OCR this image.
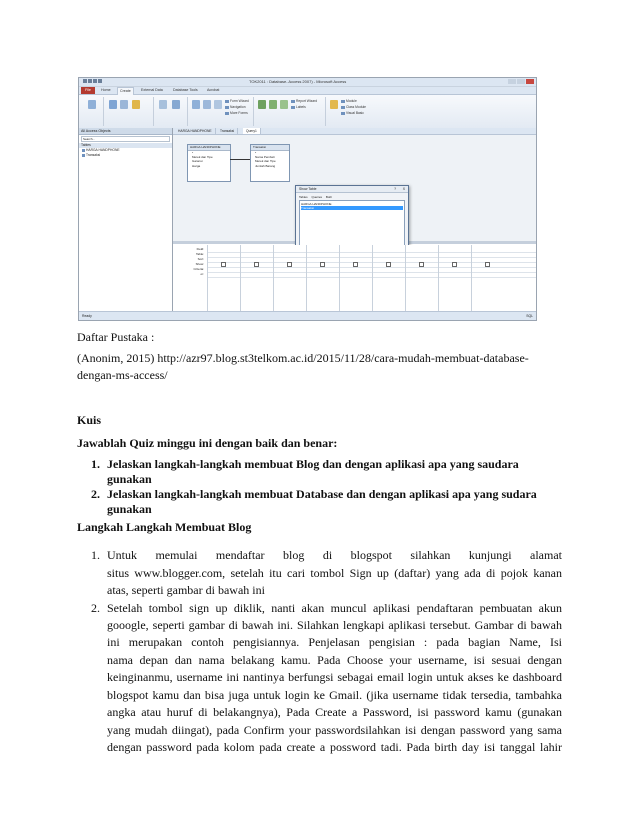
TOK2011 : Database- Access 2007) - Microsoft Access
File	Home	Create	External Data	Database Tools	Acrobat
Form Wizard
Navigation
More Forms
Report Wizard
Labels
Module
Class Module
Visual Basic
All Access Objects
Search...
Tables
HARGA HANDPHONE
Transaksi
HARGA HANDPHONE	Transaksi	Query1
HARGA HANDPHONE
*
Merek dan Tipe
Garansi
Harga
Transaksi
*
Nama Pembeli
Merek dan Tipe
Jumlah Barang
Show Table	? X
Tables Queries Both
HARGA HANDPHONE
Transaksi

Field:
Table:
Sort:
Show:
Criteria:
or:
Ready	SQL
Daftar Pustaka :
(Anonim, 2015) http://azr97.blog.st3telkom.ac.id/2015/11/28/cara-mudah-membuat-database-
dengan-ms-access/
Kuis
Jawablah Quiz minggu ini dengan baik dan benar:
1. Jelaskan langkah-langkah membuat Blog dan dengan aplikasi apa yang saudara
gunakan
2. Jelaskan langkah-langkah membuat Database dan dengan aplikasi apa yang sudara
gunakan
Langkah Langkah Membuat Blog
1. Untuk memulai mendaftar blog di blogspot silahkan kunjungi alamat
situs www.blogger.com, setelah itu cari tombol Sign up (daftar) yang ada di pojok kanan
atas, seperti gambar di bawah ini
2. Setelah tombol sign up diklik, nanti akan muncul aplikasi pendaftaran pembuatan akun
gooogle, seperti gambar di bawah ini. Silahkan lengkapi aplikasi tersebut. Gambar di bawah
ini merupakan contoh pengisiannya. Penjelasan pengisian : pada bagian Name, Isi
nama depan dan nama belakang kamu. Pada Choose your username, isi sesuai dengan
keinginanmu, username ini nantinya berfungsi sebagai email login untuk akses ke dashboard
blogspot kamu dan bisa juga untuk login ke Gmail. (jika username tidak tersedia, tambahka
angka atau huruf di belakangnya), Pada Create a Password, isi password kamu (gunakan
yang mudah diingat), pada Confirm your passwordsilahkan isi dengan password yang sama
dengan password pada kolom pada create a possword tadi. Pada birth day isi tanggal lahir
